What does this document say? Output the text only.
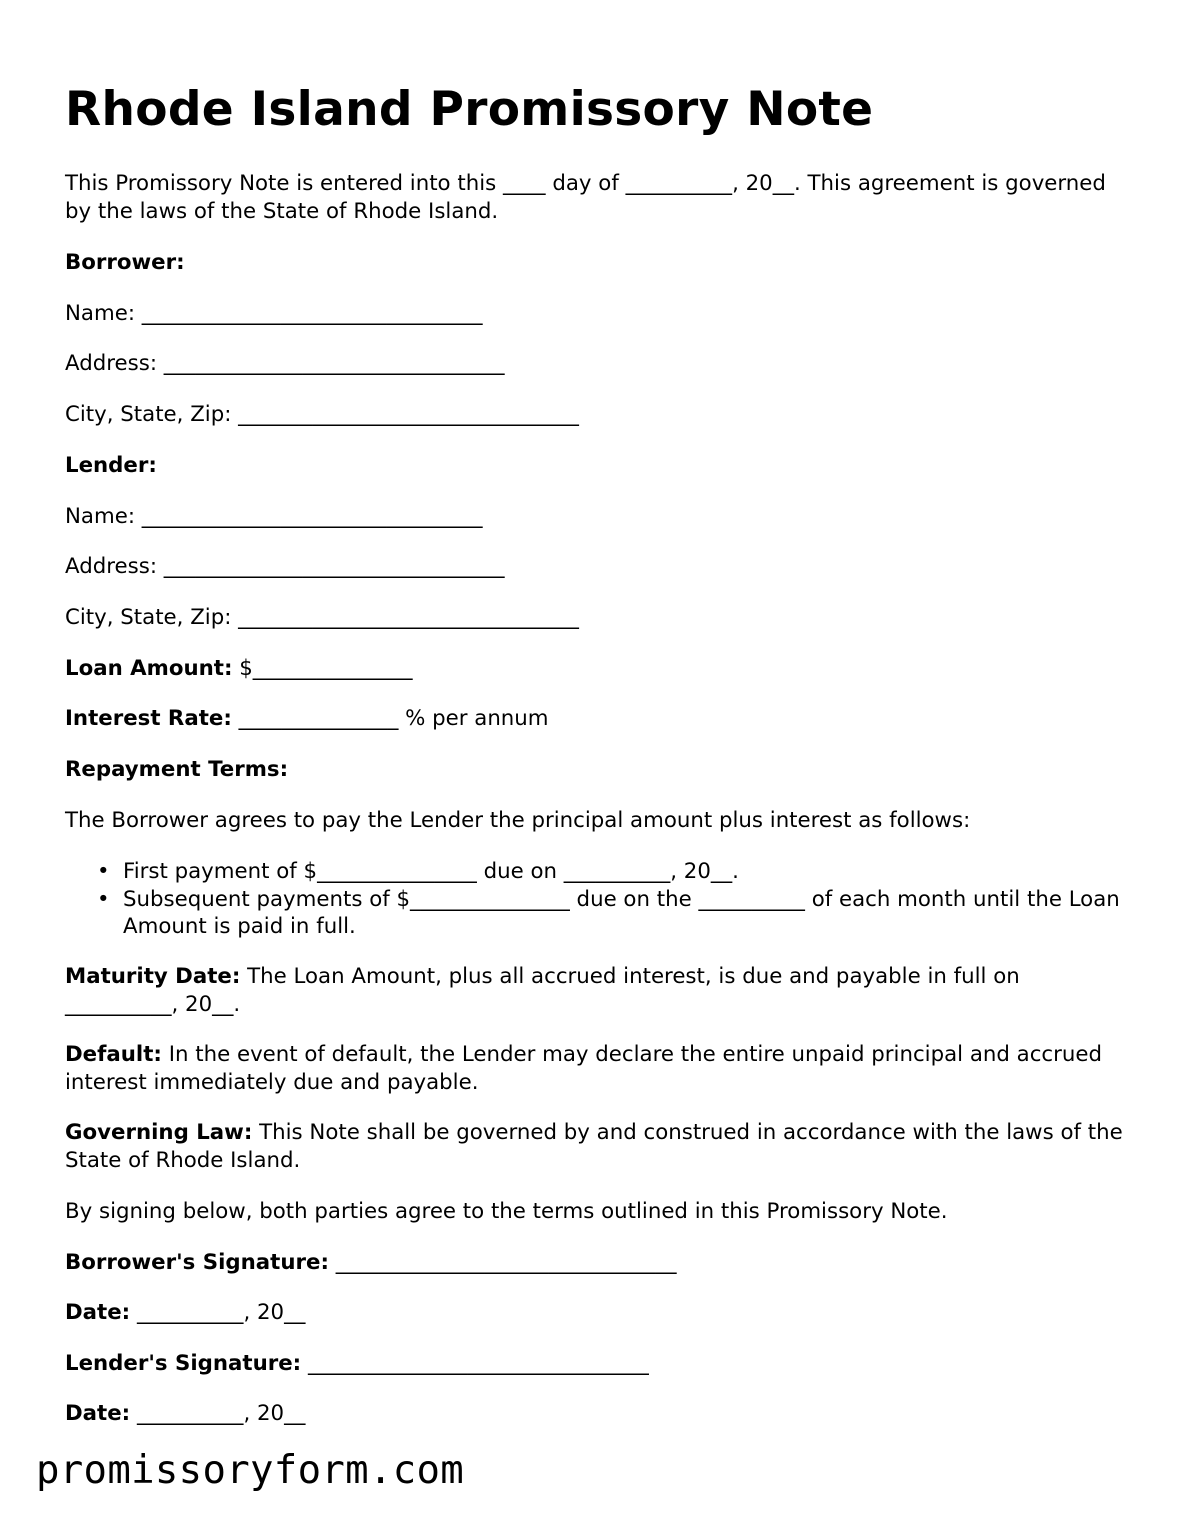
Rhode Island Promissory Note

This Promissory Note is entered into this ____ day of __________, 20__. This agreement is governed by the laws of the State of Rhode Island.

Borrower:

Name: ________________________________

Address: ________________________________

City, State, Zip: ________________________________

Lender:

Name: ________________________________

Address: ________________________________

City, State, Zip: ________________________________

Loan Amount: $_______________

Interest Rate: _______________ % per annum

Repayment Terms:

The Borrower agrees to pay the Lender the principal amount plus interest as follows:

• First payment of $_______________ due on __________, 20__.
• Subsequent payments of $_______________ due on the __________ of each month until the Loan Amount is paid in full.

Maturity Date: The Loan Amount, plus all accrued interest, is due and payable in full on __________, 20__.

Default: In the event of default, the Lender may declare the entire unpaid principal and accrued interest immediately due and payable.

Governing Law: This Note shall be governed by and construed in accordance with the laws of the State of Rhode Island.

By signing below, both parties agree to the terms outlined in this Promissory Note.

Borrower's Signature: ________________________________

Date: __________, 20__

Lender's Signature: ________________________________

Date: __________, 20__

promissoryform.com
